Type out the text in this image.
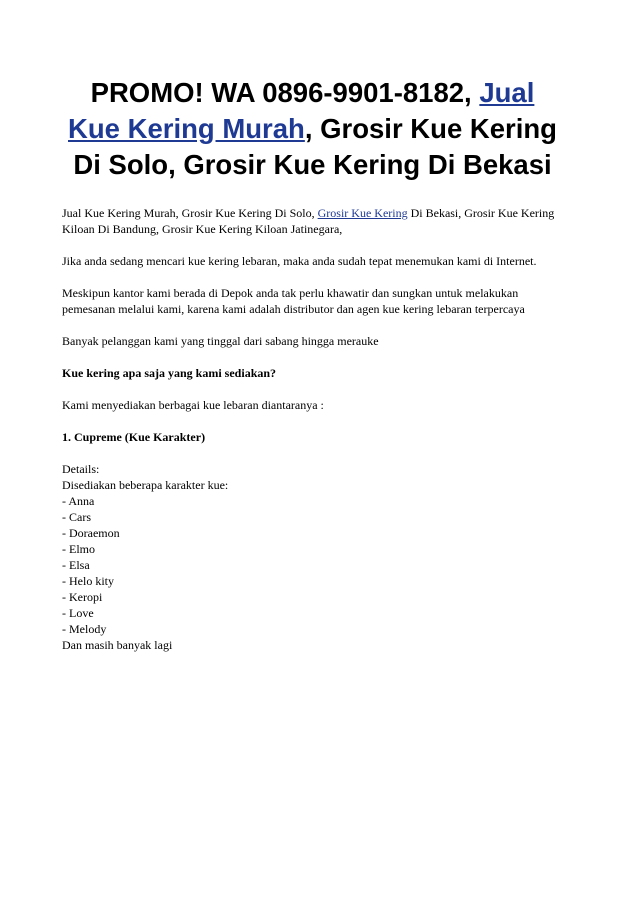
PROMO! WA 0896-9901-8182, Jual Kue Kering Murah, Grosir Kue Kering Di Solo, Grosir Kue Kering Di Bekasi

Jual Kue Kering Murah, Grosir Kue Kering Di Solo, Grosir Kue Kering Di Bekasi, Grosir Kue Kering Kiloan Di Bandung, Grosir Kue Kering Kiloan Jatinegara,

Jika anda sedang mencari kue kering lebaran, maka anda sudah tepat menemukan kami di Internet.

Meskipun kantor kami berada di Depok anda tak perlu khawatir dan sungkan untuk melakukan pemesanan melalui kami, karena kami adalah distributor dan agen kue kering lebaran terpercaya

Banyak pelanggan kami yang tinggal dari sabang hingga merauke

Kue kering apa saja yang kami sediakan?

Kami menyediakan berbagai kue lebaran diantaranya :

1. Cupreme (Kue Karakter)

Details:
Disediakan beberapa karakter kue:
- Anna
- Cars
- Doraemon
- Elmo
- Elsa
- Helo kity
- Keropi
- Love
- Melody
Dan masih banyak lagi
